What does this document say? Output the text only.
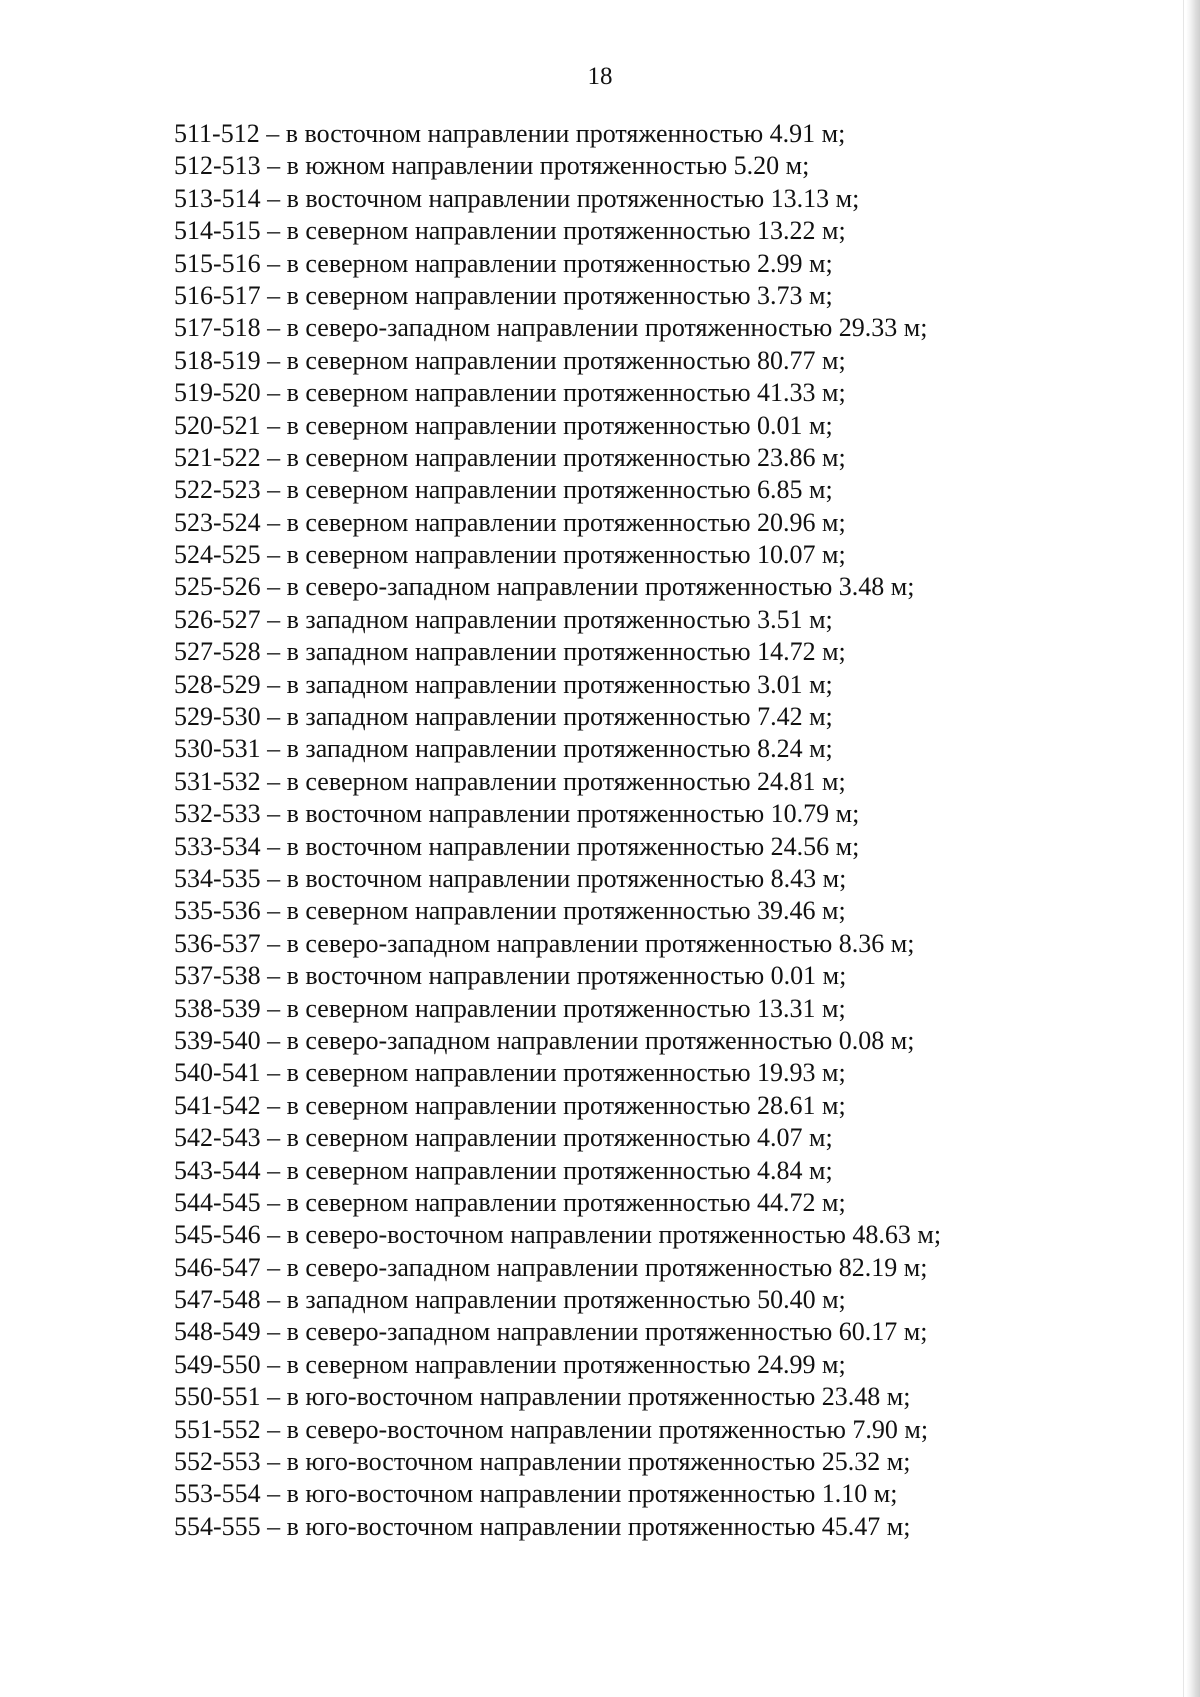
18
511-512 – в восточном направлении протяженностью 4.91 м;
512-513 – в южном направлении протяженностью 5.20 м;
513-514 – в восточном направлении протяженностью 13.13 м;
514-515 – в северном направлении протяженностью 13.22 м;
515-516 – в северном направлении протяженностью 2.99 м;
516-517 – в северном направлении протяженностью 3.73 м;
517-518 – в северо-западном направлении протяженностью 29.33 м;
518-519 – в северном направлении протяженностью 80.77 м;
519-520 – в северном направлении протяженностью 41.33 м;
520-521 – в северном направлении протяженностью 0.01 м;
521-522 – в северном направлении протяженностью 23.86 м;
522-523 – в северном направлении протяженностью 6.85 м;
523-524 – в северном направлении протяженностью 20.96 м;
524-525 – в северном направлении протяженностью 10.07 м;
525-526 – в северо-западном направлении протяженностью 3.48 м;
526-527 – в западном направлении протяженностью 3.51 м;
527-528 – в западном направлении протяженностью 14.72 м;
528-529 – в западном направлении протяженностью 3.01 м;
529-530 – в западном направлении протяженностью 7.42 м;
530-531 – в западном направлении протяженностью 8.24 м;
531-532 – в северном направлении протяженностью 24.81 м;
532-533 – в восточном направлении протяженностью 10.79 м;
533-534 – в восточном направлении протяженностью 24.56 м;
534-535 – в восточном направлении протяженностью 8.43 м;
535-536 – в северном направлении протяженностью 39.46 м;
536-537 – в северо-западном направлении протяженностью 8.36 м;
537-538 – в восточном направлении протяженностью 0.01 м;
538-539 – в северном направлении протяженностью 13.31 м;
539-540 – в северо-западном направлении протяженностью 0.08 м;
540-541 – в северном направлении протяженностью 19.93 м;
541-542 – в северном направлении протяженностью 28.61 м;
542-543 – в северном направлении протяженностью 4.07 м;
543-544 – в северном направлении протяженностью 4.84 м;
544-545 – в северном направлении протяженностью 44.72 м;
545-546 – в северо-восточном направлении протяженностью 48.63 м;
546-547 – в северо-западном направлении протяженностью 82.19 м;
547-548 – в западном направлении протяженностью 50.40 м;
548-549 – в северо-западном направлении протяженностью 60.17 м;
549-550 – в северном направлении протяженностью 24.99 м;
550-551 – в юго-восточном направлении протяженностью 23.48 м;
551-552 – в северо-восточном направлении протяженностью 7.90 м;
552-553 – в юго-восточном направлении протяженностью 25.32 м;
553-554 – в юго-восточном направлении протяженностью 1.10 м;
554-555 – в юго-восточном направлении протяженностью 45.47 м;
